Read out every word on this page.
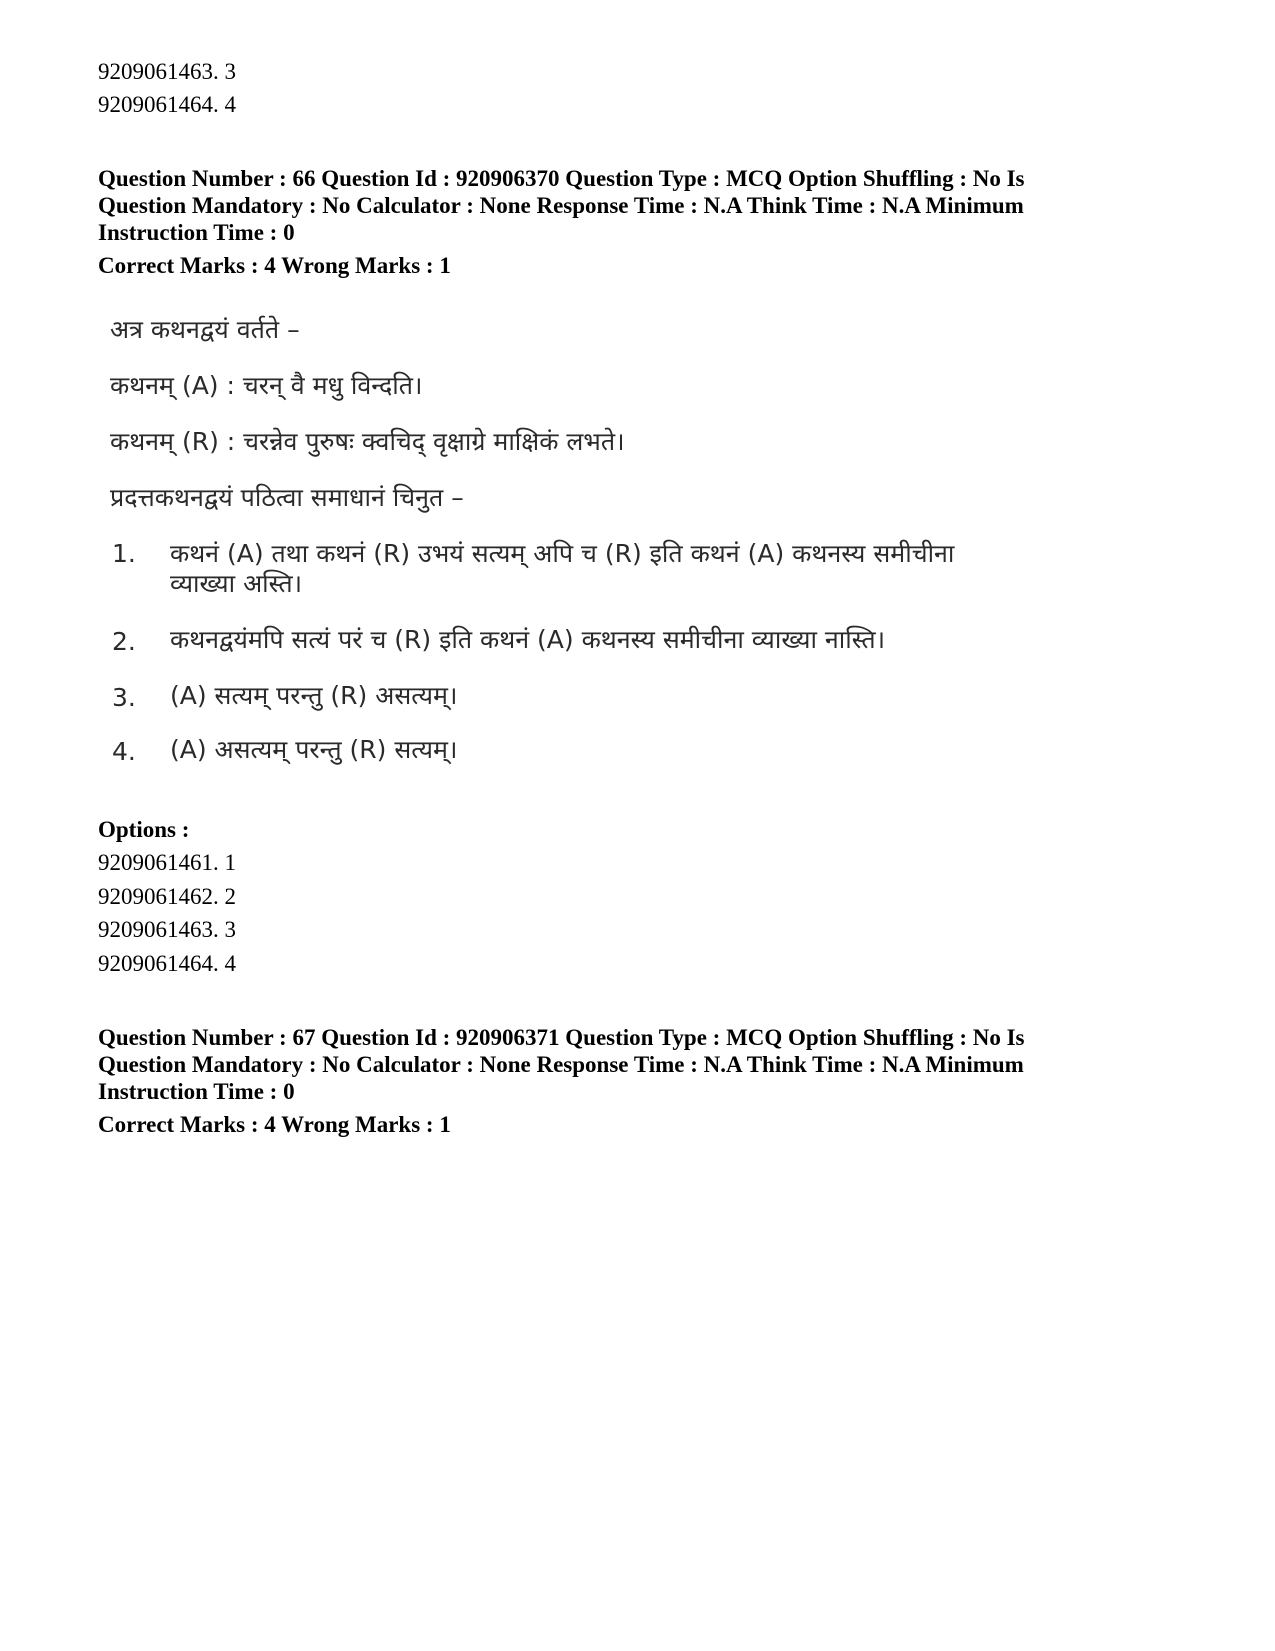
9209061463. 3
9209061464. 4
Question Number : 66 Question Id : 920906370 Question Type : MCQ Option Shuffling : No Is
Question Mandatory : No Calculator : None Response Time : N.A Think Time : N.A Minimum
Instruction Time : 0
Correct Marks : 4 Wrong Marks : 1
अत्र कथनद्वयं वर्तते –
कथनम् (A) : चरन् वै मधु विन्दति।
कथनम् (R) : चरन्नेव पुरुषः क्वचिद् वृक्षाग्रे माक्षिकं लभते।
प्रदत्तकथनद्वयं पठित्वा समाधानं चिनुत –
1. कथनं (A) तथा कथनं (R) उभयं सत्यम् अपि च (R) इति कथनं (A) कथनस्य समीचीना
व्याख्या अस्ति।
2. कथनद्वयंमपि सत्यं परं च (R) इति कथनं (A) कथनस्य समीचीना व्याख्या नास्ति।
3. (A) सत्यम् परन्तु (R) असत्यम्।
4. (A) असत्यम् परन्तु (R) सत्यम्।
Options :
9209061461. 1
9209061462. 2
9209061463. 3
9209061464. 4
Question Number : 67 Question Id : 920906371 Question Type : MCQ Option Shuffling : No Is
Question Mandatory : No Calculator : None Response Time : N.A Think Time : N.A Minimum
Instruction Time : 0
Correct Marks : 4 Wrong Marks : 1
